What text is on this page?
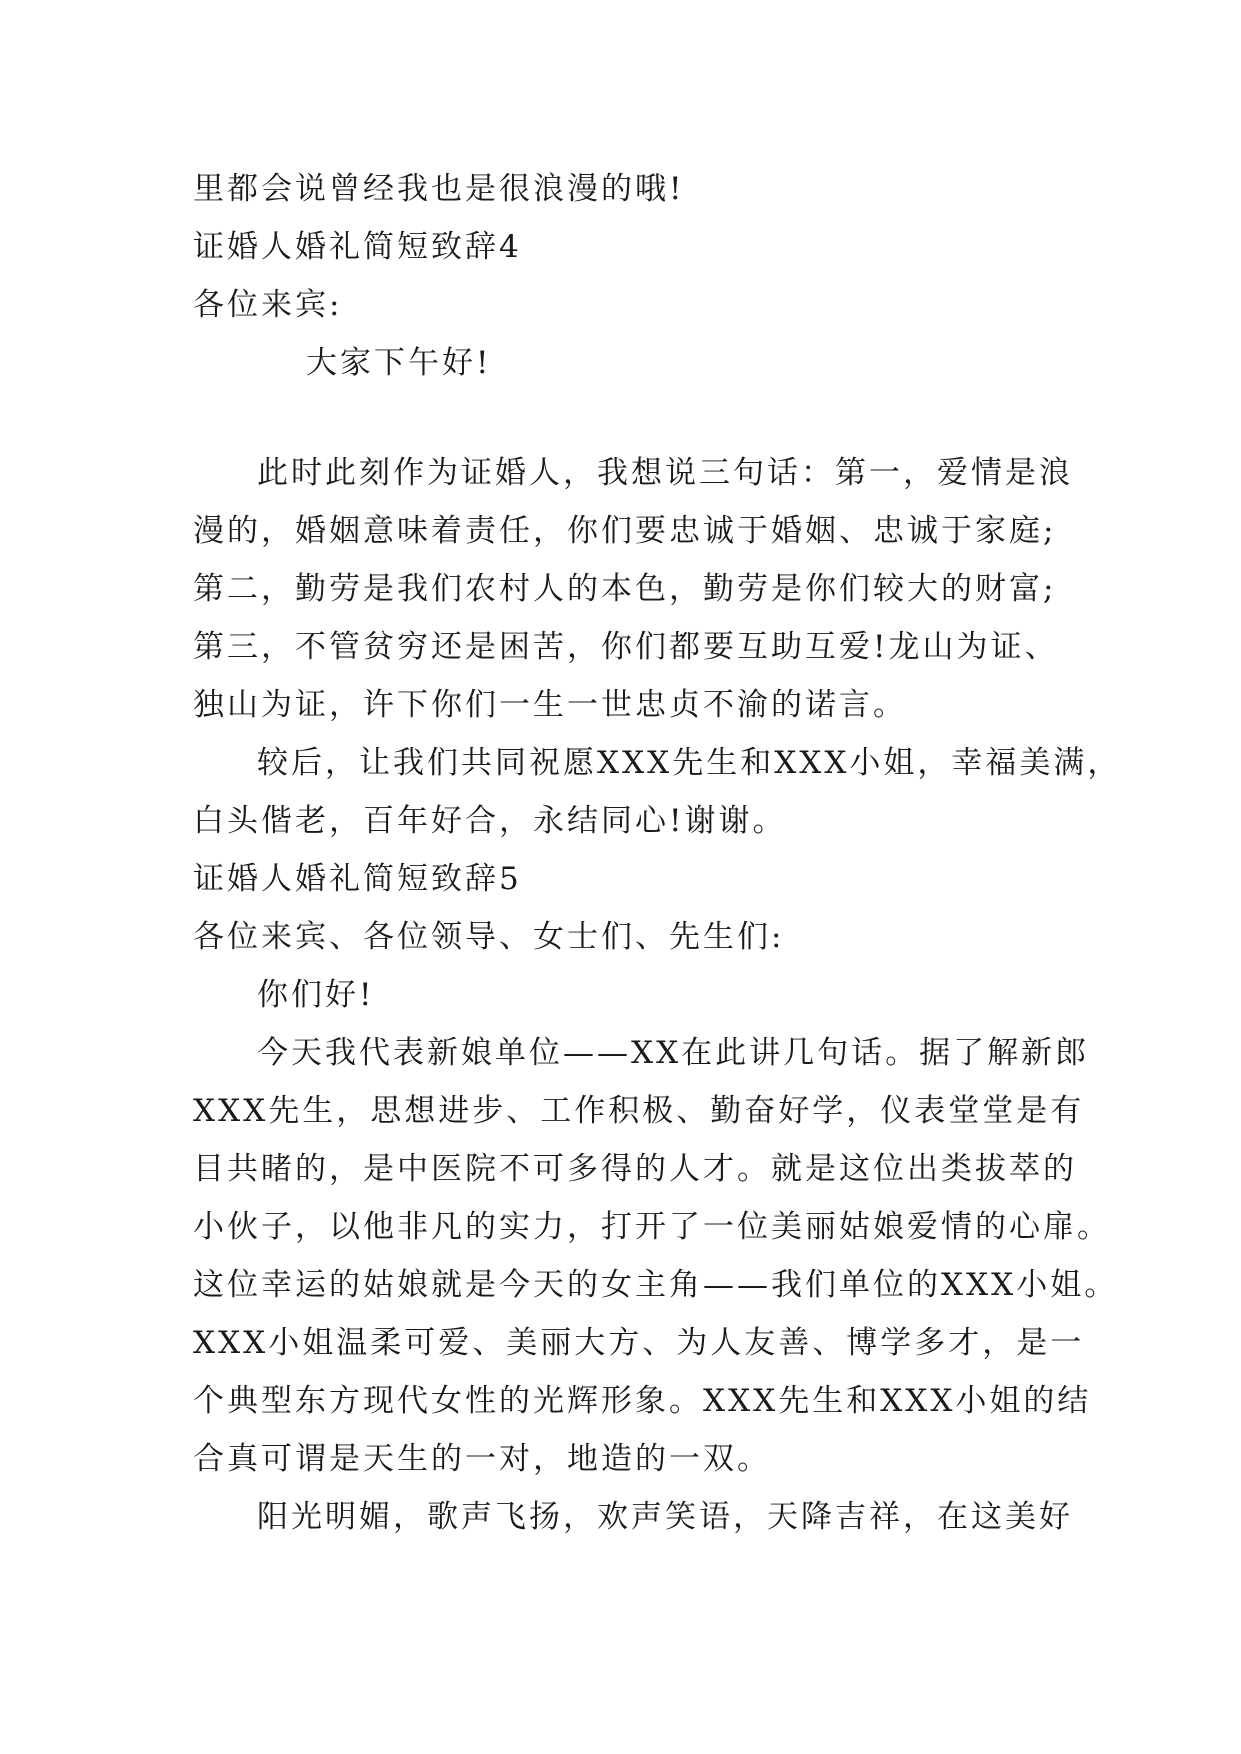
里都会说曾经我也是很浪漫的哦!
证婚人婚礼简短致辞4
各位来宾:
大家下午好!
此时此刻作为证婚人，我想说三句话：第一，爱情是浪
漫的，婚姻意味着责任，你们要忠诚于婚姻、忠诚于家庭;
第二，勤劳是我们农村人的本色，勤劳是你们较大的财富;
第三，不管贫穷还是困苦，你们都要互助互爱!龙山为证、
独山为证，许下你们一生一世忠贞不渝的诺言。
较后，让我们共同祝愿XXX先生和XXX小姐，幸福美满，
白头偕老，百年好合，永结同心!谢谢。
证婚人婚礼简短致辞5
各位来宾、各位领导、女士们、先生们:
你们好!
今天我代表新娘单位——XX在此讲几句话。据了解新郎
XXX先生，思想进步、工作积极、勤奋好学，仪表堂堂是有
目共睹的，是中医院不可多得的人才。就是这位出类拔萃的
小伙子，以他非凡的实力，打开了一位美丽姑娘爱情的心扉。
这位幸运的姑娘就是今天的女主角——我们单位的XXX小姐。
XXX小姐温柔可爱、美丽大方、为人友善、博学多才，是一
个典型东方现代女性的光辉形象。XXX先生和XXX小姐的结
合真可谓是天生的一对，地造的一双。
阳光明媚，歌声飞扬，欢声笑语，天降吉祥，在这美好
